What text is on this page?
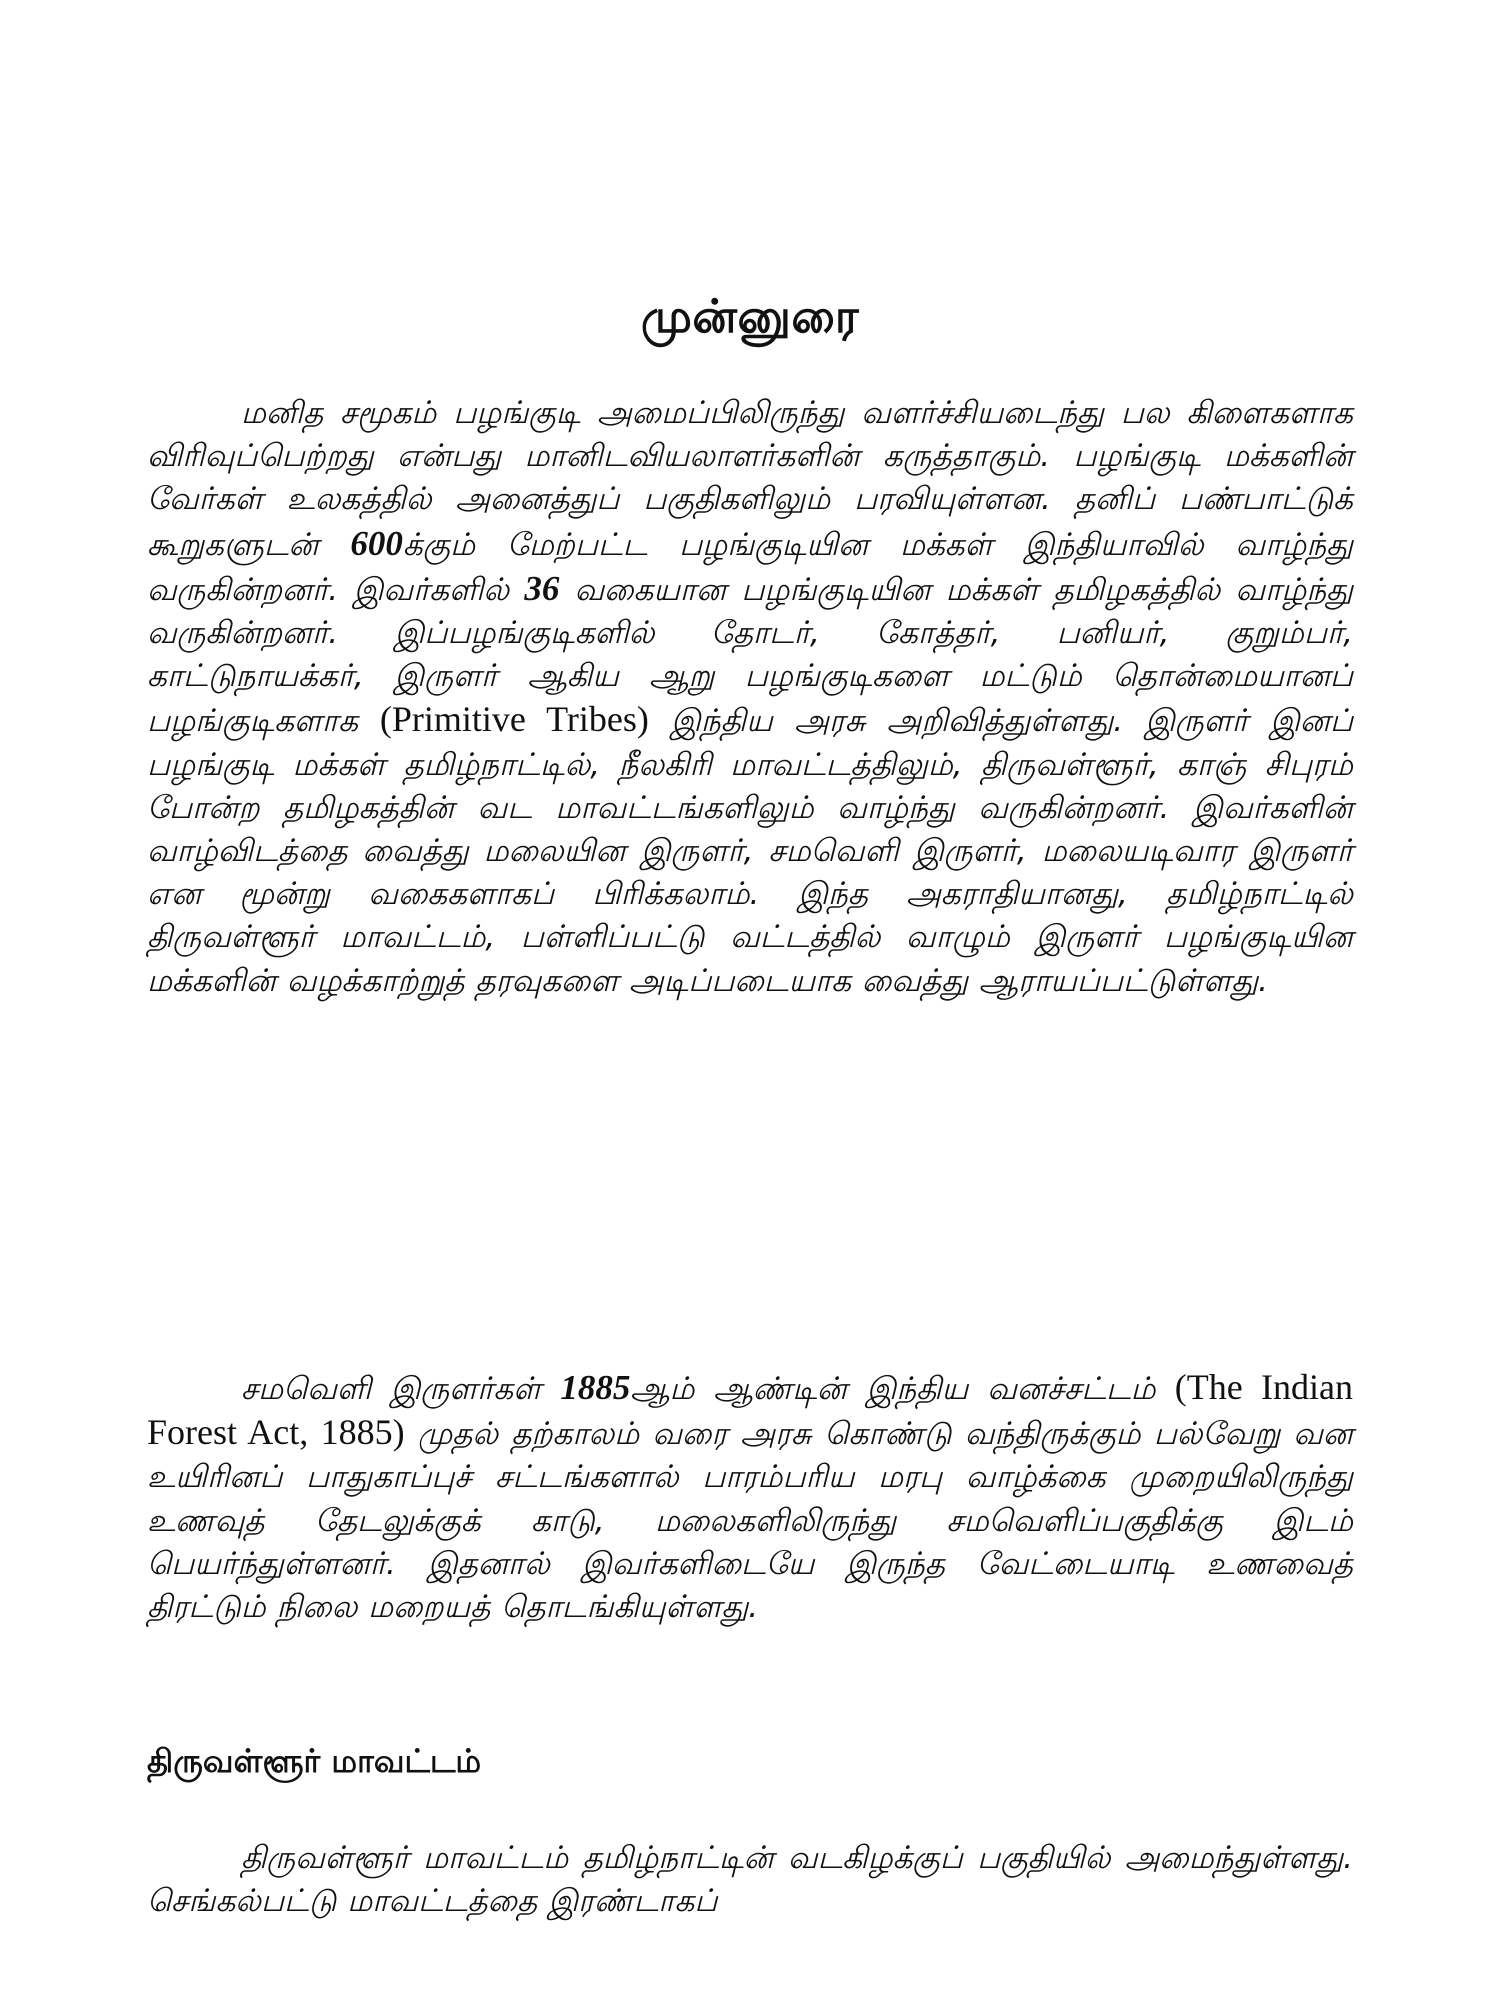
முன்னுரை

மனித சமூகம் பழங்குடி அமைப்பிலிருந்து வளர்ச்சியடைந்து பல கிளைகளாக விரிவுப்பெற்றது என்பது மானிடவியலாளர்களின் கருத்தாகும். பழங்குடி மக்களின் வேர்கள் உலகத்தில் அனைத்துப் பகுதிகளிலும் பரவியுள்ளன. தனிப் பண்பாட்டுக் கூறுகளுடன் 600க்கும் மேற்பட்ட பழங்குடியின மக்கள் இந்தியாவில் வாழ்ந்து வருகின்றனர். இவர்களில் 36 வகையான பழங்குடியின மக்கள் தமிழகத்தில் வாழ்ந்து வருகின்றனர். இப்பழங்குடிகளில் தோடர், கோத்தர், பனியர், குறும்பர், காட்டுநாயக்கர், இருளர் ஆகிய ஆறு பழங்குடிகளை மட்டும் தொன்மையானப் பழங்குடிகளாக (Primitive Tribes) இந்திய அரசு அறிவித்துள்ளது. இருளர் இனப் பழங்குடி மக்கள் தமிழ்நாட்டில், நீலகிரி மாவட்டத்திலும், திருவள்ளூர், காஞ் சிபுரம் போன்ற தமிழகத்தின் வட மாவட்டங்களிலும் வாழ்ந்து வருகின்றனர். இவர்களின் வாழ்விடத்தை வைத்து மலையின இருளர், சமவெளி இருளர், மலையடிவார இருளர் என மூன்று வகைகளாகப் பிரிக்கலாம். இந்த அகராதியானது, தமிழ்நாட்டில் திருவள்ளூர் மாவட்டம், பள்ளிப்பட்டு வட்டத்தில் வாழும் இருளர் பழங்குடியின மக்களின் வழக்காற்றுத் தரவுகளை அடிப்படையாக வைத்து ஆராயப்பட்டுள்ளது.

சமவெளி இருளர்கள் 1885ஆம் ஆண்டின் இந்திய வனச்சட்டம் (The Indian Forest Act, 1885) முதல் தற்காலம் வரை அரசு கொண்டு வந்திருக்கும் பல்வேறு வன உயிரினப் பாதுகாப்புச் சட்டங்களால் பாரம்பரிய மரபு வாழ்க்கை முறையிலிருந்து உணவுத் தேடலுக்குக் காடு, மலைகளிலிருந்து சமவெளிப்பகுதிக்கு இடம் பெயர்ந்துள்ளனர். இதனால் இவர்களிடையே இருந்த வேட்டையாடி உணவைத் திரட்டும் நிலை மறையத் தொடங்கியுள்ளது.

திருவள்ளூர் மாவட்டம்

திருவள்ளூர் மாவட்டம் தமிழ்நாட்டின் வடகிழக்குப் பகுதியில் அமைந்துள்ளது. செங்கல்பட்டு மாவட்டத்தை இரண்டாகப்
